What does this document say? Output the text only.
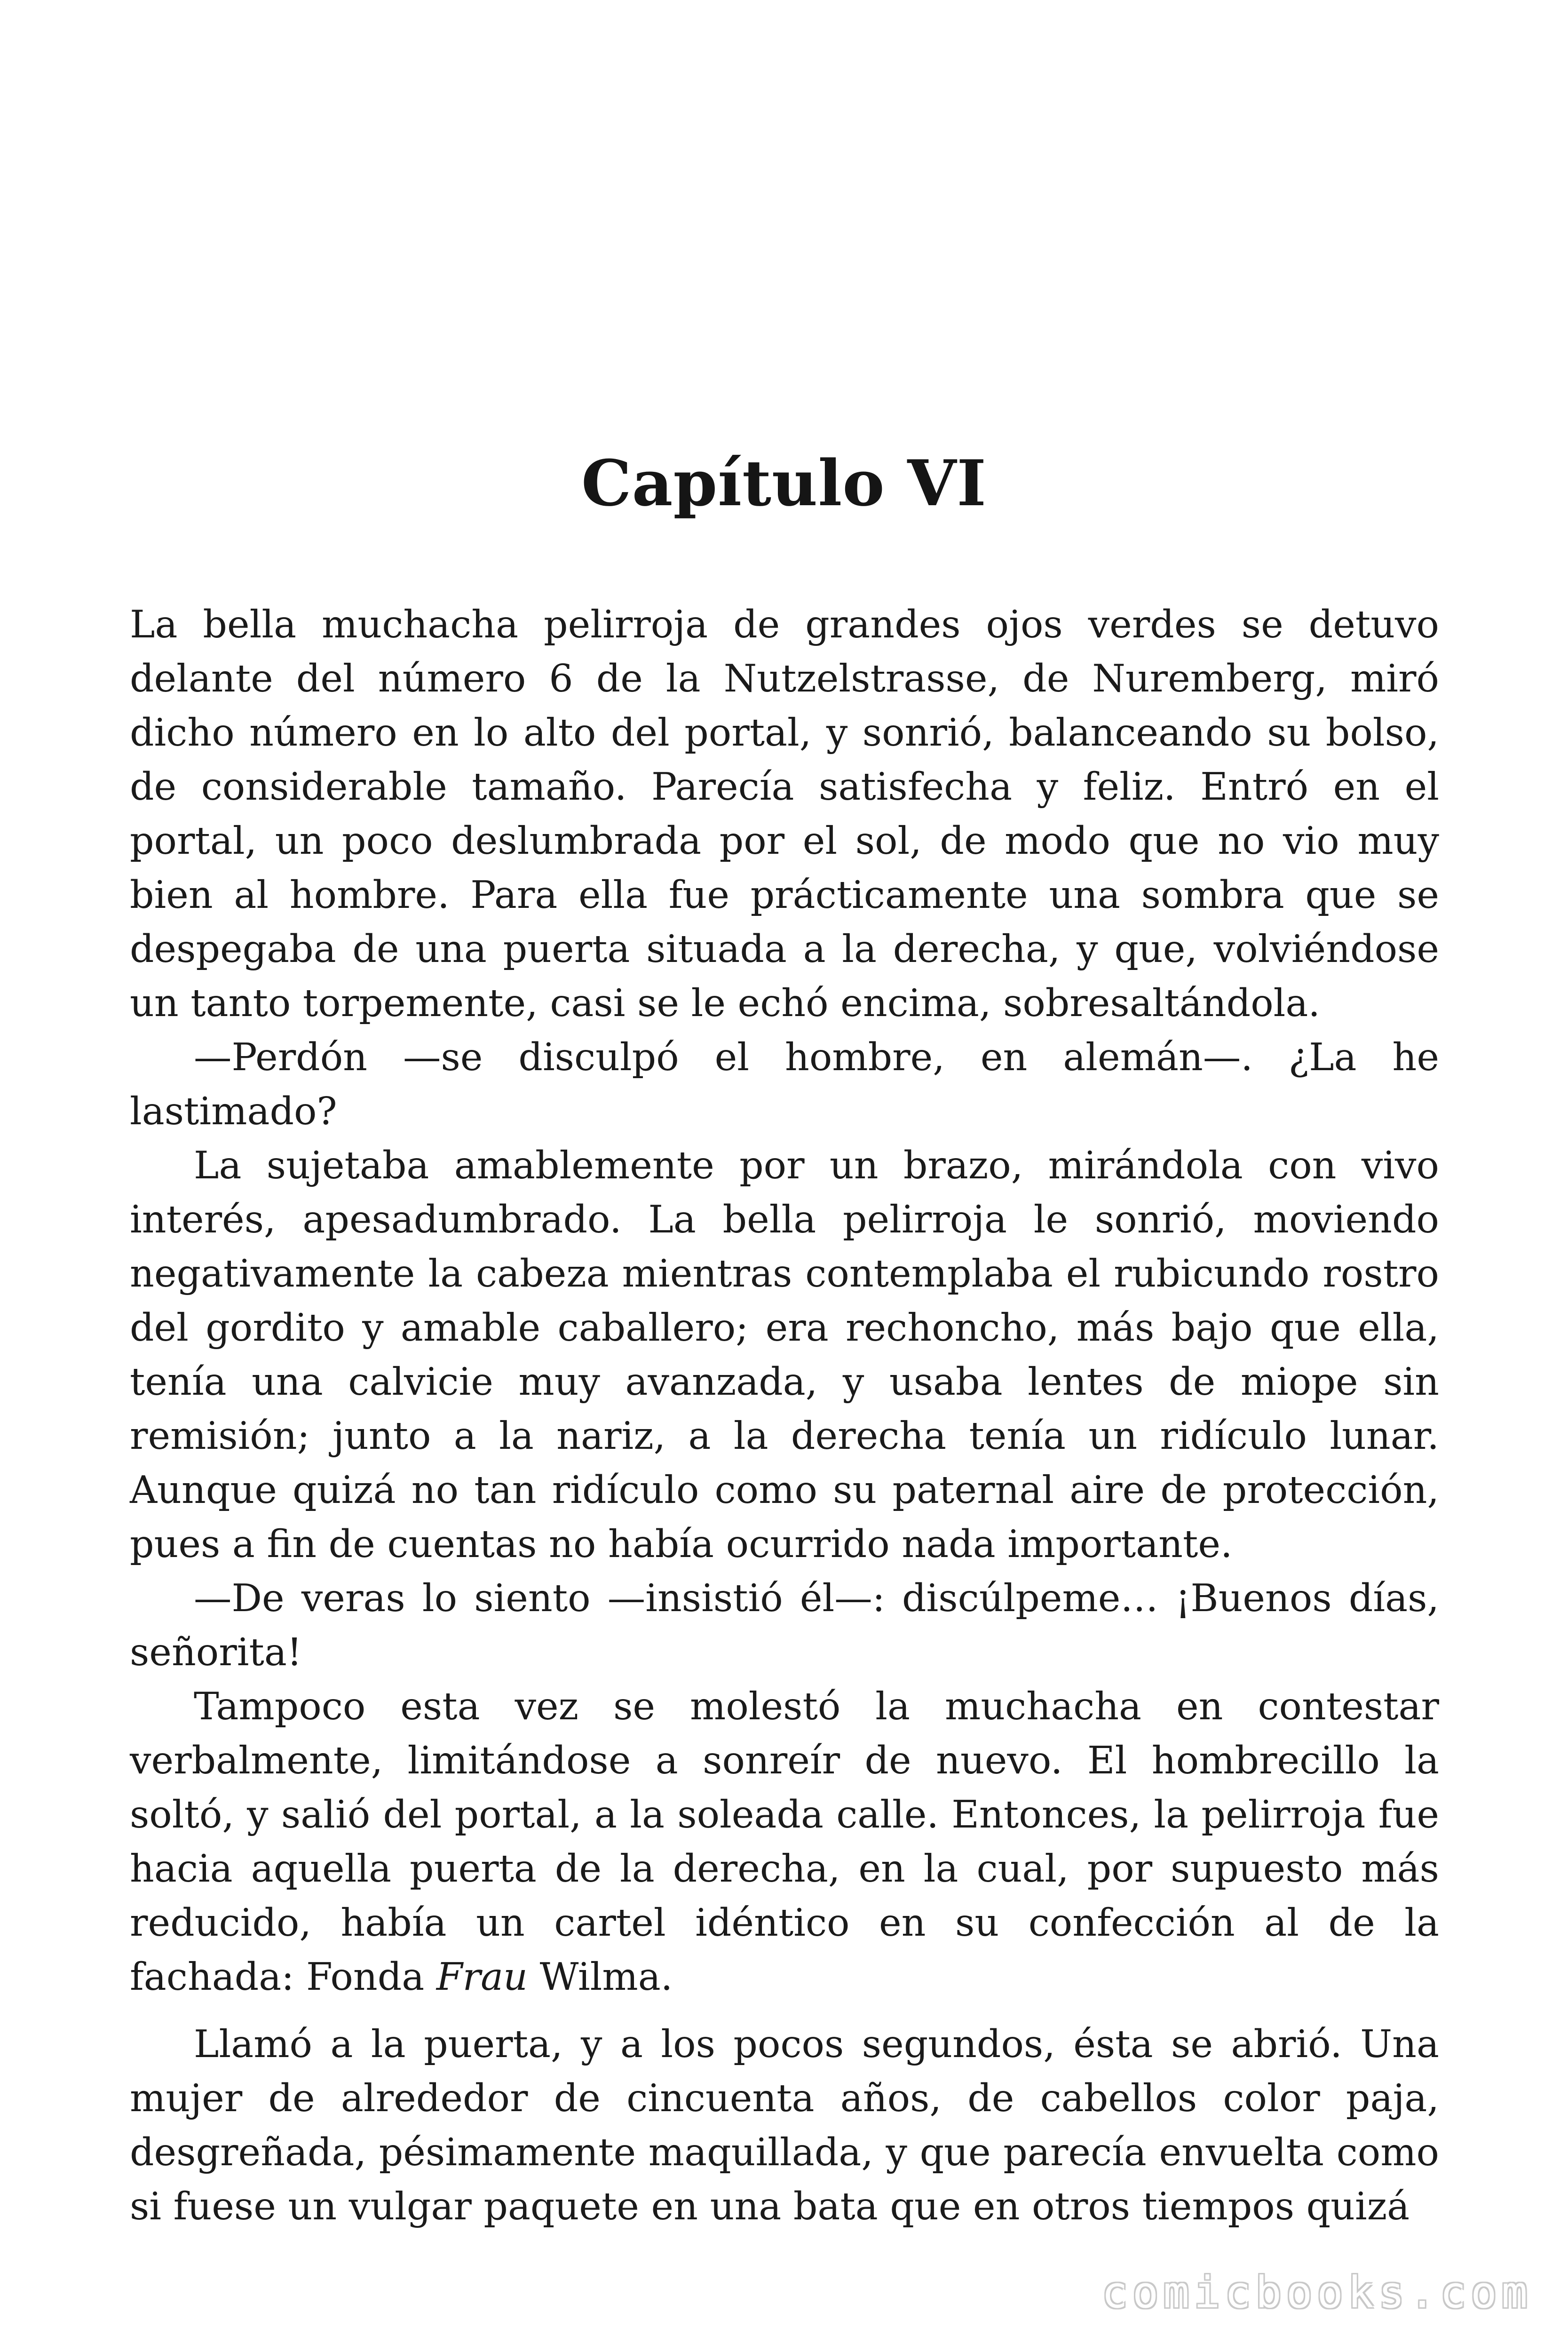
Capítulo VI

La bella muchacha pelirroja de grandes ojos verdes se detuvo delante del número 6 de la Nutzelstrasse, de Nuremberg, miró dicho número en lo alto del portal, y sonrió, balanceando su bolso, de considerable tamaño. Parecía satisfecha y feliz. Entró en el portal, un poco deslumbrada por el sol, de modo que no vio muy bien al hombre. Para ella fue prácticamente una sombra que se despegaba de una puerta situada a la derecha, y que, volviéndose un tanto torpemente, casi se le echó encima, sobresaltándola.

—Perdón —se disculpó el hombre, en alemán—. ¿La he lastimado?

La sujetaba amablemente por un brazo, mirándola con vivo interés, apesadumbrado. La bella pelirroja le sonrió, moviendo negativamente la cabeza mientras contemplaba el rubicundo rostro del gordito y amable caballero; era rechoncho, más bajo que ella, tenía una calvicie muy avanzada, y usaba lentes de miope sin remisión; junto a la nariz, a la derecha tenía un ridículo lunar. Aunque quizá no tan ridículo como su paternal aire de protección, pues a fin de cuentas no había ocurrido nada importante.

—De veras lo siento —insistió él—: discúlpeme… ¡Buenos días, señorita!

Tampoco esta vez se molestó la muchacha en contestar verbalmente, limitándose a sonreír de nuevo. El hombrecillo la soltó, y salió del portal, a la soleada calle. Entonces, la pelirroja fue hacia aquella puerta de la derecha, en la cual, por supuesto más reducido, había un cartel idéntico en su confección al de la fachada: Fonda Frau Wilma.

Llamó a la puerta, y a los pocos segundos, ésta se abrió. Una mujer de alrededor de cincuenta años, de cabellos color paja, desgreñada, pésimamente maquillada, y que parecía envuelta como si fuese un vulgar paquete en una bata que en otros tiempos quizá

comicbooks.com
